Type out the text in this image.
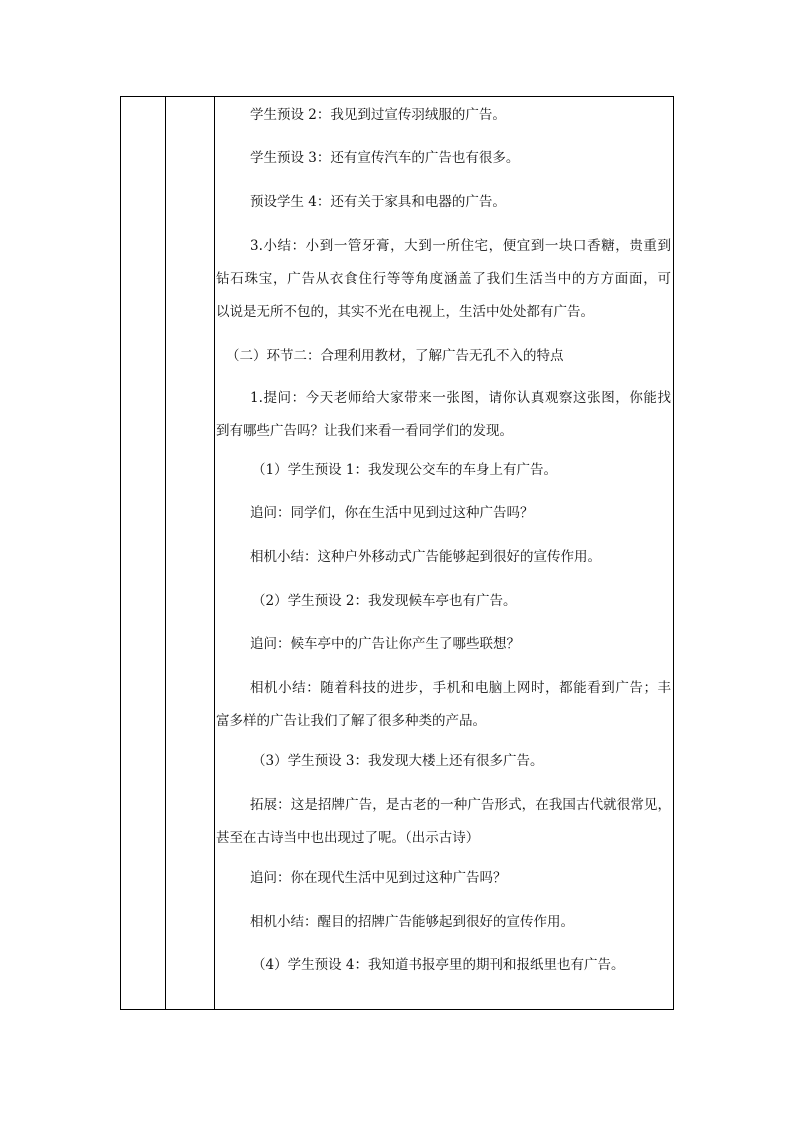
学生预设 2：我见到过宣传羽绒服的广告。
学生预设 3：还有宣传汽车的广告也有很多。
预设学生 4：还有关于家具和电器的广告。
3.小结：小到一管牙膏，大到一所住宅，便宜到一块口香糖，贵重到
钻石珠宝，广告从衣食住行等等角度涵盖了我们生活当中的方方面面，可
以说是无所不包的，其实不光在电视上，生活中处处都有广告。
（二）环节二：合理利用教材，了解广告无孔不入的特点
1.提问：今天老师给大家带来一张图，请你认真观察这张图，你能找
到有哪些广告吗？让我们来看一看同学们的发现。
（1）学生预设 1：我发现公交车的车身上有广告。
追问：同学们，你在生活中见到过这种广告吗？
相机小结：这种户外移动式广告能够起到很好的宣传作用。
（2）学生预设 2：我发现候车亭也有广告。
追问：候车亭中的广告让你产生了哪些联想？
相机小结：随着科技的进步，手机和电脑上网时，都能看到广告；丰
富多样的广告让我们了解了很多种类的产品。
（3）学生预设 3：我发现大楼上还有很多广告。
拓展：这是招牌广告，是古老的一种广告形式，在我国古代就很常见，
甚至在古诗当中也出现过了呢。（出示古诗）
追问：你在现代生活中见到过这种广告吗？
相机小结：醒目的招牌广告能够起到很好的宣传作用。
（4）学生预设 4：我知道书报亭里的期刊和报纸里也有广告。
